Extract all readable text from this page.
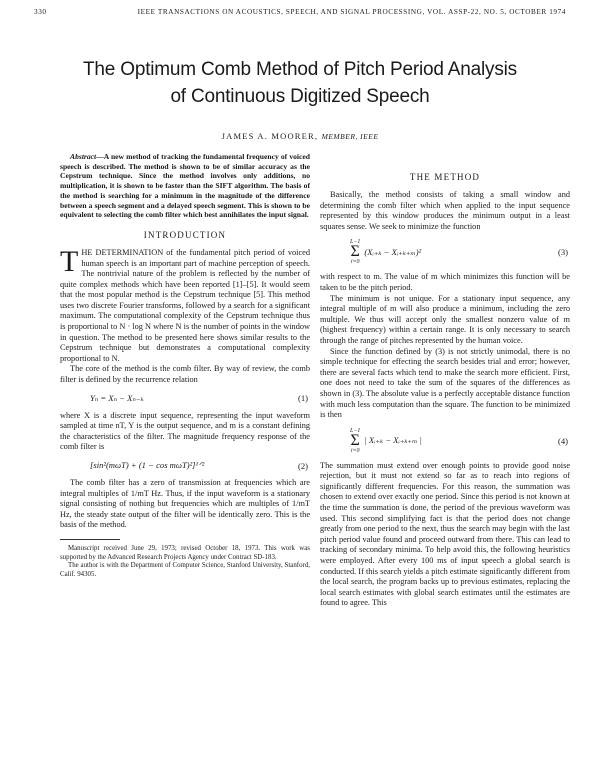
330	IEEE TRANSACTIONS ON ACOUSTICS, SPEECH, AND SIGNAL PROCESSING, VOL. ASSP-22, NO. 5, OCTOBER 1974
The Optimum Comb Method of Pitch Period Analysis
of Continuous Digitized Speech
JAMES A. MOORER, MEMBER, IEEE

Abstract—A new method of tracking the fundamental frequency of voiced speech is described. The method is shown to be of similar accuracy as the Cepstrum technique. Since the method involves only additions, no multiplication, it is shown to be faster than the SIFT algorithm. The basis of the method is searching for a minimum in the magnitude of the difference between a speech segment and a delayed speech segment. This is shown to be equivalent to selecting the comb filter which best annihilates the input signal.

INTRODUCTION

THE DETERMINATION of the fundamental pitch period of voiced human speech is an important part of machine perception of speech. The nontrivial nature of the problem is reflected by the number of quite complex methods which have been reported [1]–[5]. It would seem that the most popular method is the Cepstrum technique [5]. This method uses two discrete Fourier transforms, followed by a search for a significant maximum. The computational complexity of the Cepstrum technique thus is proportional to N · log N where N is the number of points in the window in question. The method to be presented here shows similar results to the Cepstrum technique but demonstrates a computational complexity proportional to N.

The core of the method is the comb filter. By way of review, the comb filter is defined by the recurrence relation

Yₙ = Xₙ − Xₙ₋ₖ	(1)

where X is a discrete input sequence, representing the input waveform sampled at time nT, Y is the output sequence, and m is a constant defining the characteristics of the filter. The magnitude frequency response of the comb filter is

[sin²(mωT) + (1 − cos mωT)²]¹ᐟ²	(2)

The comb filter has a zero of transmission at frequencies which are integral multiples of 1/mT Hz. Thus, if the input waveform is a stationary signal consisting of nothing but frequencies which are multiples of 1/mT Hz, the steady state output of the filter will be identically zero. This is the basis of the method.

Manuscript received June 29, 1973; revised October 18, 1973. This work was supported by the Advanced Research Projects Agency under Contract SD-183.

The author is with the Department of Computer Science, Stanford University, Stanford, Calif. 94305.

THE METHOD

Basically, the method consists of taking a small window and determining the comb filter which when applied to the input sequence represented by this window produces the minimum output in a least squares sense. We seek to minimize the function

L−1
Σ
i=0
(Xᵢ₊ₖ − Xᵢ₊ₖ₊ₘ)²	(3)

with respect to m. The value of m which minimizes this function will be taken to be the pitch period.

The minimum is not unique. For a stationary input sequence, any integral multiple of m will also produce a minimum, including the zero multiple. We thus will accept only the smallest nonzero value of m (highest frequency) within a certain range. It is only necessary to search through the range of pitches represented by the human voice.

Since the function defined by (3) is not strictly unimodal, there is no simple technique for effecting the search besides trial and error; however, there are several facts which tend to make the search more efficient. First, one does not need to take the sum of the squares of the differences as shown in (3). The absolute value is a perfectly acceptable distance function with much less computation than the square. The function to be minimized is then

L−1
Σ
i=0
| Xᵢ₊ₖ − Xᵢ₊ₖ₊ₘ |	(4)

The summation must extend over enough points to provide good noise rejection, but it must not extend so far as to reach into regions of significantly different frequencies. For this reason, the summation was chosen to extend over exactly one period. Since this period is not known at the time the summation is done, the period of the previous waveform was used. This second simplifying fact is that the period does not change greatly from one period to the next, thus the search may begin with the last pitch period value found and proceed outward from there. This can lead to tracking of secondary minima. To help avoid this, the following heuristics were employed. After every 100 ms of input speech a global search is conducted. If this search yields a pitch estimate significantly different from the local search, the program backs up to previous estimates, replacing the local search estimates with global search estimates until the estimates are found to agree. This
